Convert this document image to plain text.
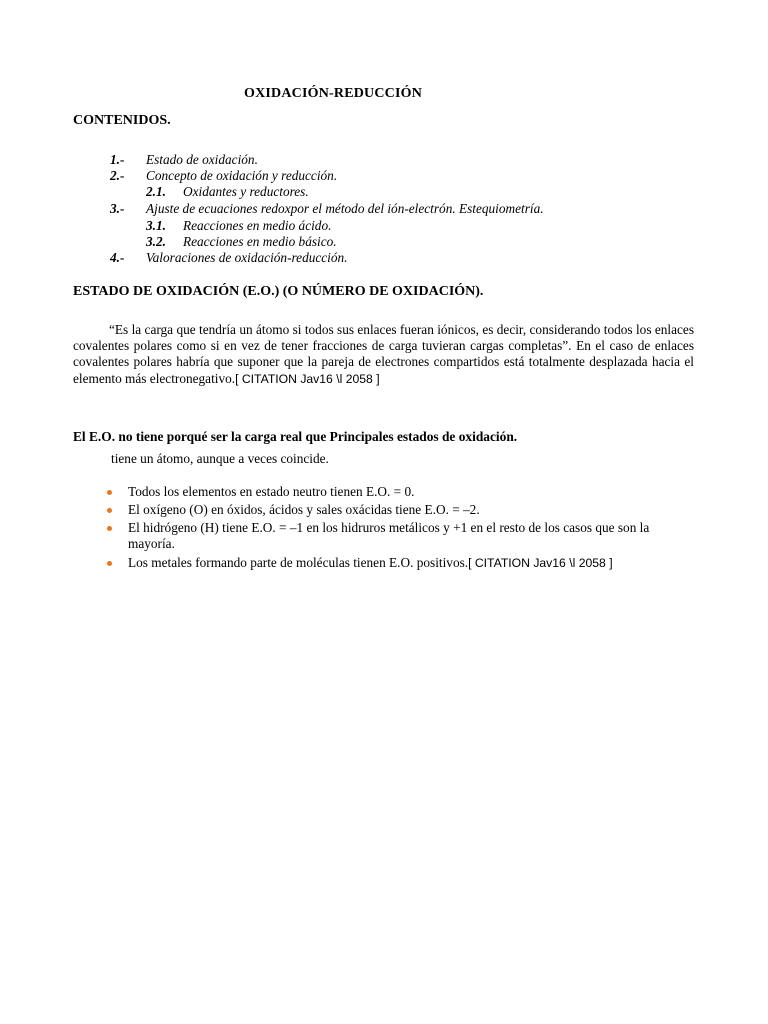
OXIDACIÓN-REDUCCIÓN
CONTENIDOS.
1.- Estado de oxidación.
2.- Concepto de oxidación y reducción.
2.1. Oxidantes y reductores.
3.- Ajuste de ecuaciones redoxpor el método del ión-electrón. Estequiometría.
3.1. Reacciones en medio ácido.
3.2. Reacciones en medio básico.
4.- Valoraciones de oxidación-reducción.
ESTADO DE OXIDACIÓN (E.O.) (O NÚMERO DE OXIDACIÓN).

“Es la carga que tendría un átomo si todos sus enlaces fueran iónicos, es decir, considerando todos los enlaces covalentes polares como si en vez de tener fracciones de carga tuvieran cargas completas”. En el caso de enlaces covalentes polares habría que suponer que la pareja de electrones compartidos está totalmente desplazada hacia el elemento más electronegativo.[ CITATION Jav16 \l 2058 ]

El E.O. no tiene porqué ser la carga real que Principales estados de oxidación.
tiene un átomo, aunque a veces coincide.
Todos los elementos en estado neutro tienen E.O. = 0.
El oxígeno (O) en óxidos, ácidos y sales oxácidas tiene E.O. = –2.
El hidrógeno (H) tiene E.O. = –1 en los hidruros metálicos y +1 en el resto de los casos que son la mayoría.
Los metales formando parte de moléculas tienen E.O. positivos.[ CITATION Jav16 \l 2058 ]
